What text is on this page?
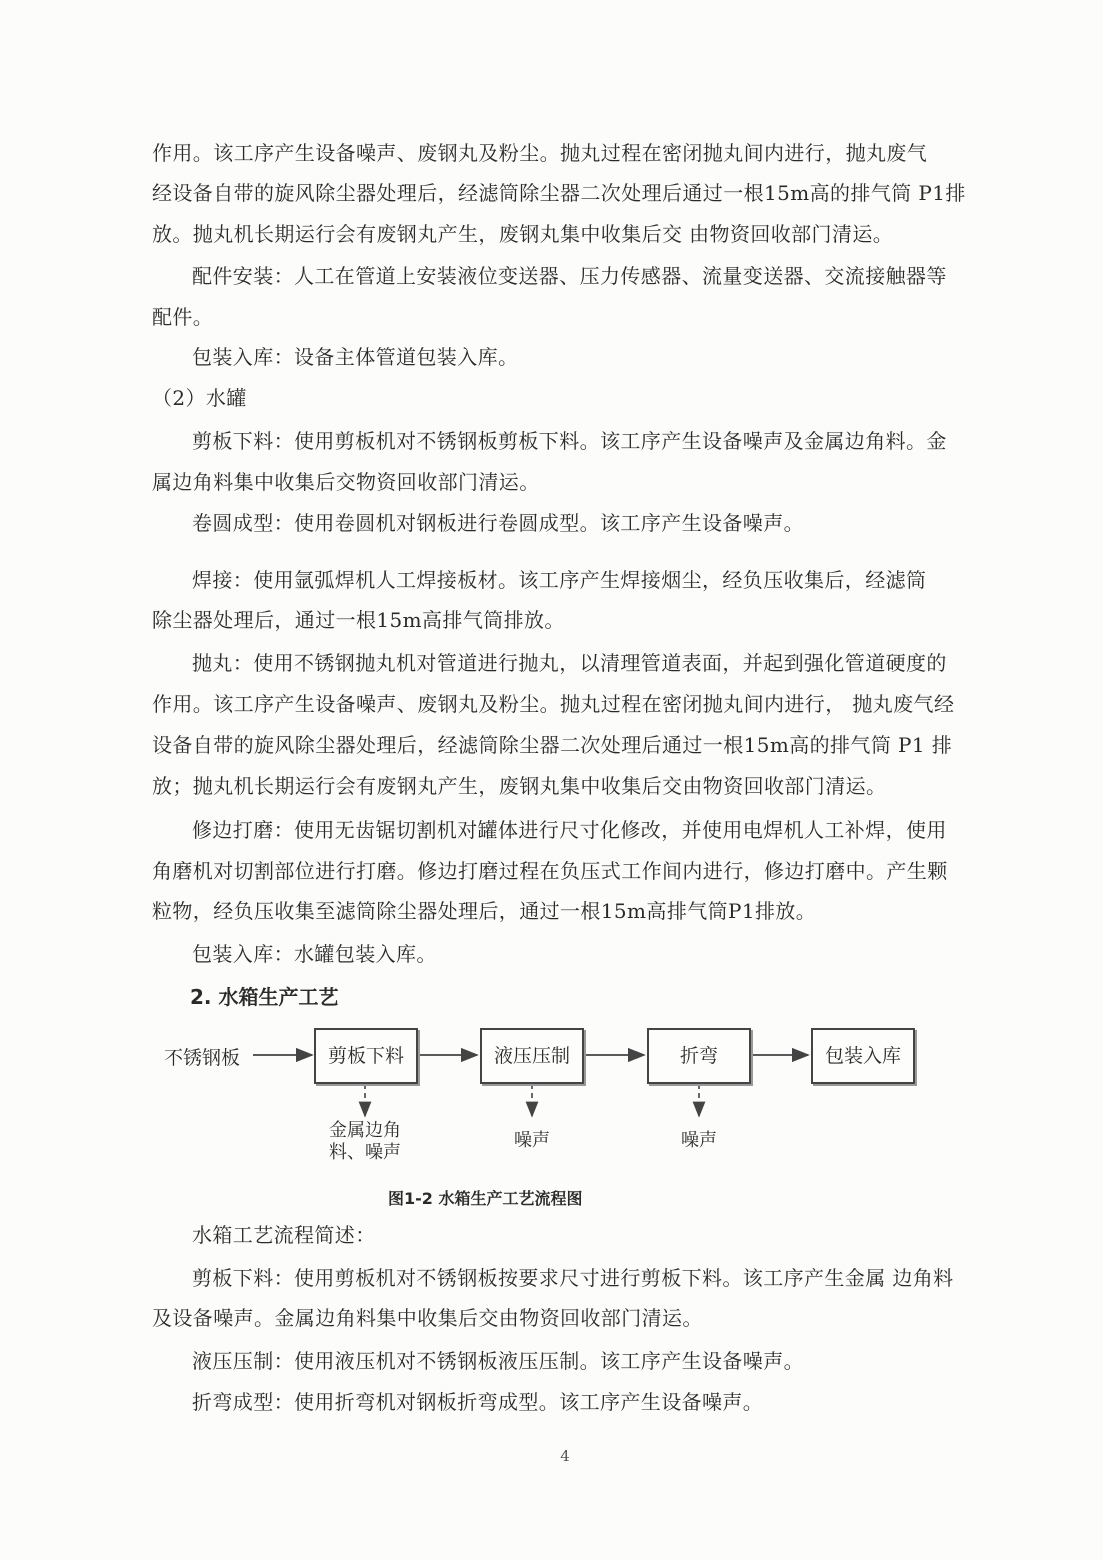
作用。该工序产生设备噪声、废钢丸及粉尘。抛丸过程在密闭抛丸间内进行，抛丸废气
经设备自带的旋风除尘器处理后，经滤筒除尘器二次处理后通过一根15m高的排气筒 P1排
放。抛丸机长期运行会有废钢丸产生，废钢丸集中收集后交 由物资回收部门清运。
配件安装：人工在管道上安装液位变送器、压力传感器、流量变送器、交流接触器等
配件。
包装入库：设备主体管道包装入库。
（2）水罐
剪板下料：使用剪板机对不锈钢板剪板下料。该工序产生设备噪声及金属边角料。金
属边角料集中收集后交物资回收部门清运。
卷圆成型：使用卷圆机对钢板进行卷圆成型。该工序产生设备噪声。
焊接：使用氩弧焊机人工焊接板材。该工序产生焊接烟尘，经负压收集后，经滤筒
除尘器处理后，通过一根15m高排气筒排放。
抛丸：使用不锈钢抛丸机对管道进行抛丸，以清理管道表面，并起到强化管道硬度的
作用。该工序产生设备噪声、废钢丸及粉尘。抛丸过程在密闭抛丸间内进行， 抛丸废气经
设备自带的旋风除尘器处理后，经滤筒除尘器二次处理后通过一根15m高的排气筒 P1 排
放；抛丸机长期运行会有废钢丸产生，废钢丸集中收集后交由物资回收部门清运。
修边打磨：使用无齿锯切割机对罐体进行尺寸化修改，并使用电焊机人工补焊，使用
角磨机对切割部位进行打磨。修边打磨过程在负压式工作间内进行，修边打磨中。产生颗
粒物，经负压收集至滤筒除尘器处理后，通过一根15m高排气筒P1排放。
包装入库：水罐包装入库。
2. 水箱生产工艺
不锈钢板	剪板下料	液压压制	折弯	包装入库
金属边角
料、噪声
噪声	噪声
图1-2 水箱生产工艺流程图
水箱工艺流程简述：
剪板下料：使用剪板机对不锈钢板按要求尺寸进行剪板下料。该工序产生金属 边角料
及设备噪声。金属边角料集中收集后交由物资回收部门清运。
液压压制：使用液压机对不锈钢板液压压制。该工序产生设备噪声。
折弯成型：使用折弯机对钢板折弯成型。该工序产生设备噪声。
4
